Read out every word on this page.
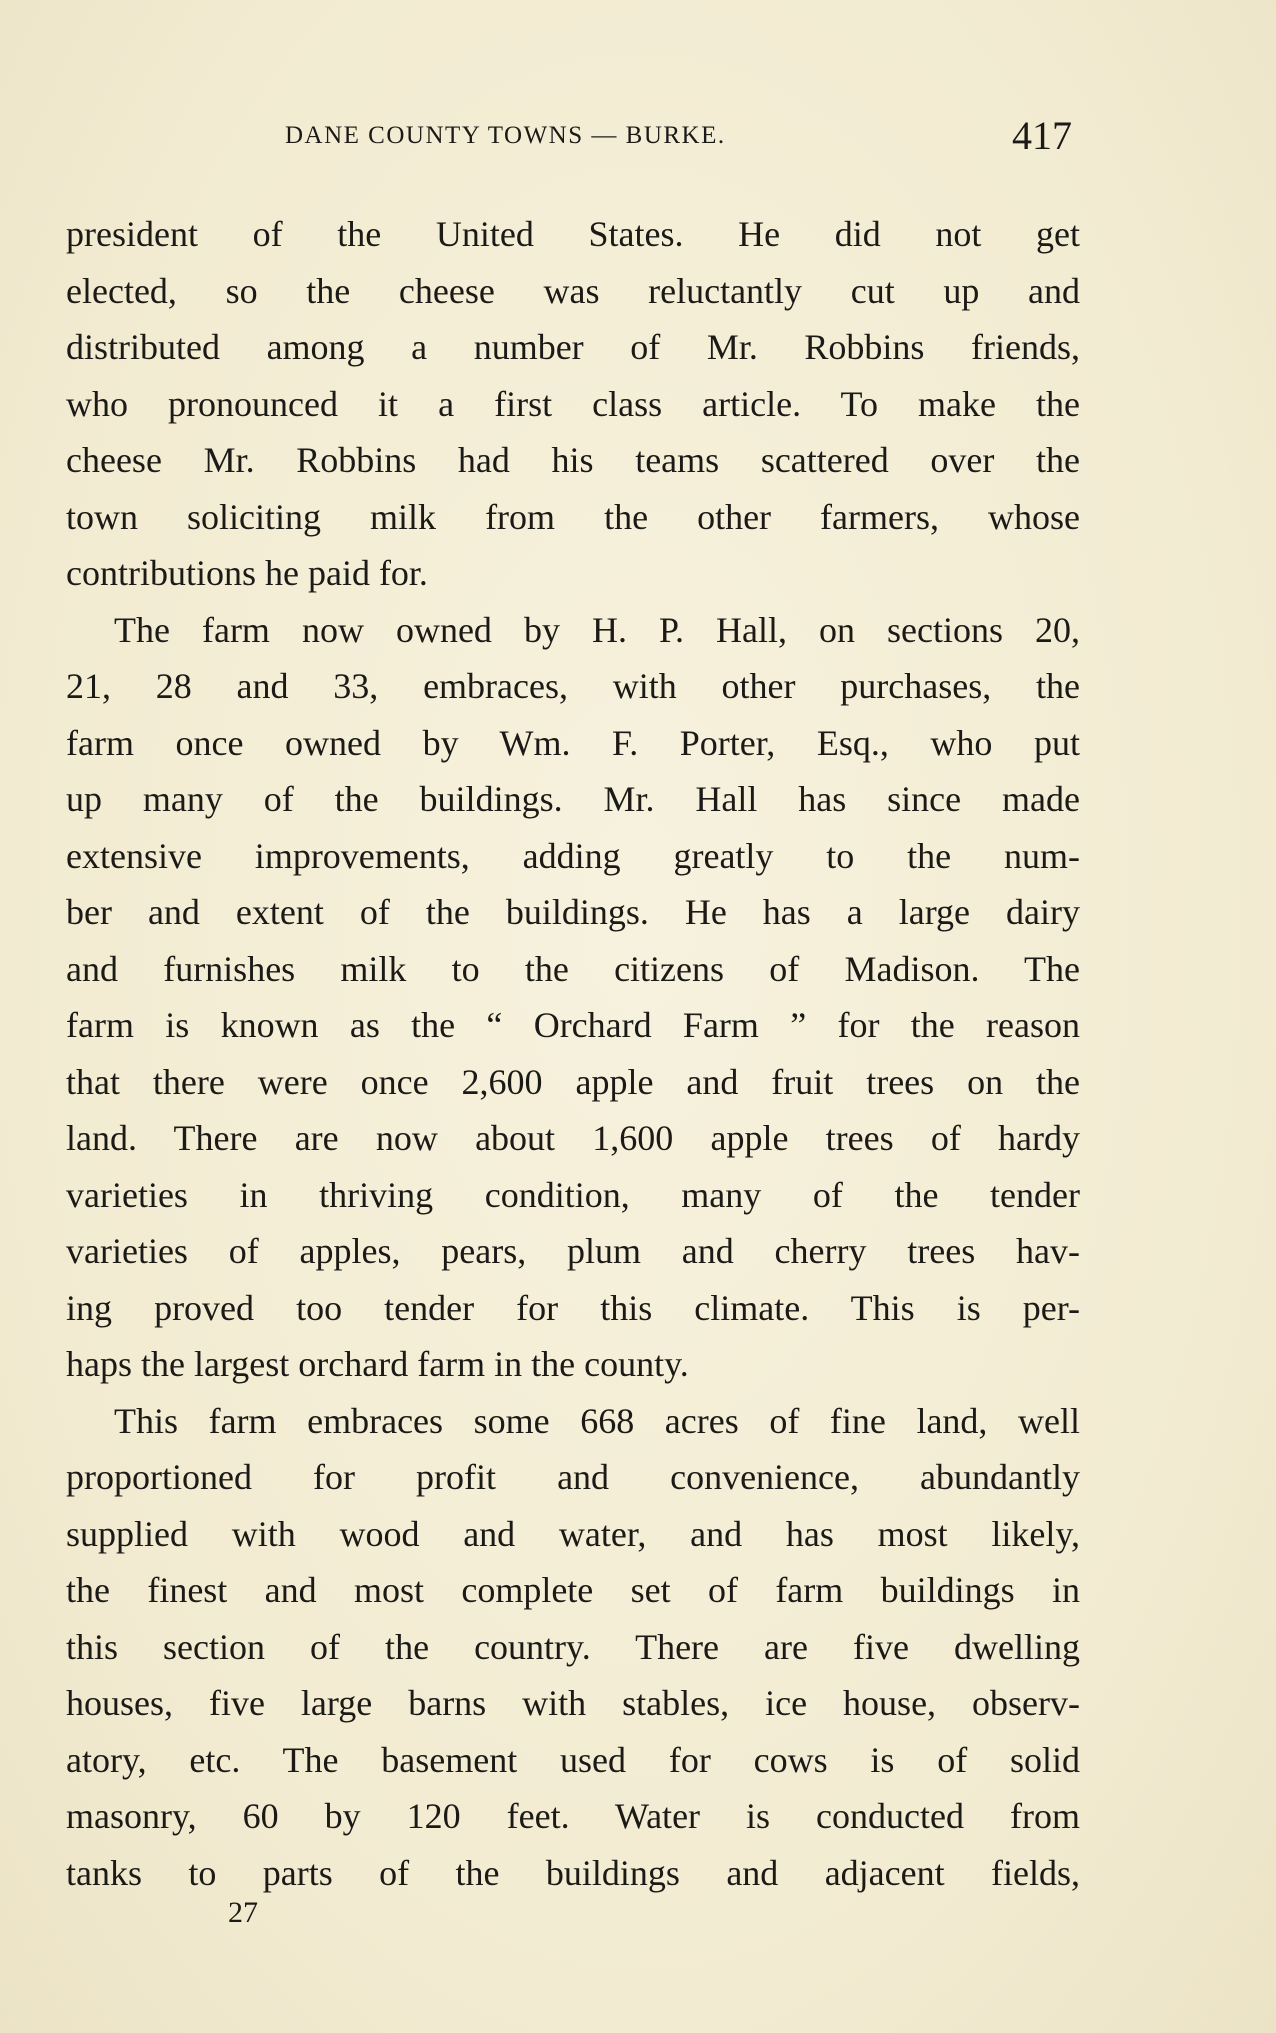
DANE COUNTY TOWNS — BURKE.	417
president of the United States. He did not get
elected, so the cheese was reluctantly cut up and
distributed among a number of Mr. Robbins friends,
who pronounced it a first class article. To make the
cheese Mr. Robbins had his teams scattered over the
town soliciting milk from the other farmers, whose
contributions he paid for.
The farm now owned by H. P. Hall, on sections 20,
21, 28 and 33, embraces, with other purchases, the
farm once owned by Wm. F. Porter, Esq., who put
up many of the buildings. Mr. Hall has since made
extensive improvements, adding greatly to the num-
ber and extent of the buildings. He has a large dairy
and furnishes milk to the citizens of Madison. The
farm is known as the “ Orchard Farm ” for the reason
that there were once 2,600 apple and fruit trees on the
land. There are now about 1,600 apple trees of hardy
varieties in thriving condition, many of the tender
varieties of apples, pears, plum and cherry trees hav-
ing proved too tender for this climate. This is per-
haps the largest orchard farm in the county.
This farm embraces some 668 acres of fine land, well
proportioned for profit and convenience, abundantly
supplied with wood and water, and has most likely,
the finest and most complete set of farm buildings in
this section of the country. There are five dwelling
houses, five large barns with stables, ice house, observ-
atory, etc. The basement used for cows is of solid
masonry, 60 by 120 feet. Water is conducted from
tanks to parts of the buildings and adjacent fields,
27
